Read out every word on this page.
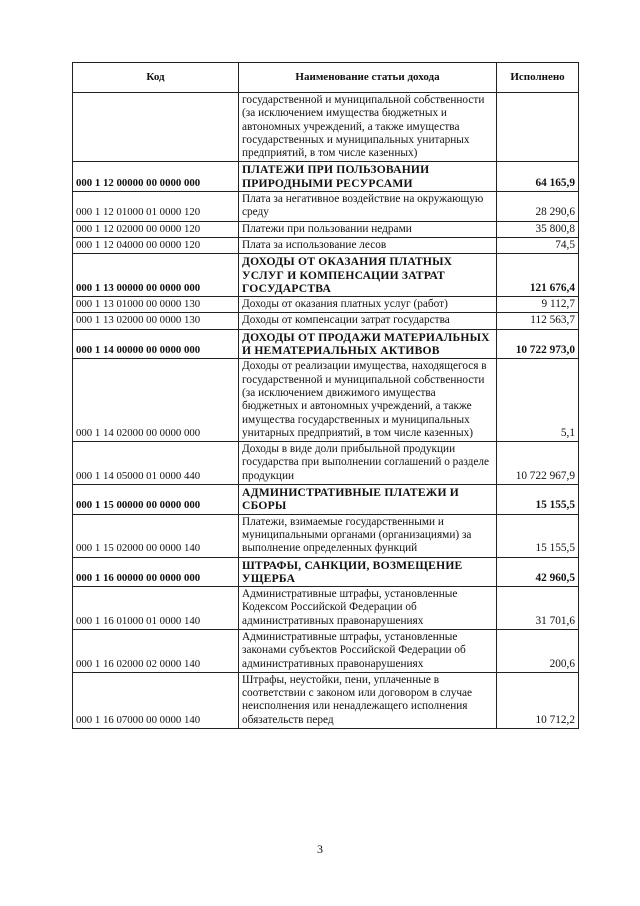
Код	Наименование статьи дохода	Исполнено
	государственной и муниципальной собственности (за исключением имущества бюджетных и автономных учреждений, а также имущества государственных и муниципальных унитарных предприятий, в том числе казенных)	
000 1 12 00000 00 0000 000	ПЛАТЕЖИ ПРИ ПОЛЬЗОВАНИИ ПРИРОДНЫМИ РЕСУРСАМИ	64 165,9
000 1 12 01000 01 0000 120	Плата за негативное воздействие на окружающую среду	28 290,6
000 1 12 02000 00 0000 120	Платежи при пользовании недрами	35 800,8
000 1 12 04000 00 0000 120	Плата за использование лесов	74,5
000 1 13 00000 00 0000 000	ДОХОДЫ ОТ ОКАЗАНИЯ ПЛАТНЫХ УСЛУГ И КОМПЕНСАЦИИ ЗАТРАТ ГОСУДАРСТВА	121 676,4
000 1 13 01000 00 0000 130	Доходы от оказания платных услуг (работ)	9 112,7
000 1 13 02000 00 0000 130	Доходы от компенсации затрат государства	112 563,7
000 1 14 00000 00 0000 000	ДОХОДЫ ОТ ПРОДАЖИ МАТЕРИАЛЬНЫХ И НЕМАТЕРИАЛЬНЫХ АКТИВОВ	10 722 973,0
000 1 14 02000 00 0000 000	Доходы от реализации имущества, находящегося в государственной и муниципальной собственности (за исключением движимого имущества бюджетных и автономных учреждений, а также имущества государственных и муниципальных унитарных предприятий, в том числе казенных)	5,1
000 1 14 05000 01 0000 440	Доходы в виде доли прибыльной продукции государства при выполнении соглашений о разделе продукции	10 722 967,9
000 1 15 00000 00 0000 000	АДМИНИСТРАТИВНЫЕ ПЛАТЕЖИ И СБОРЫ	15 155,5
000 1 15 02000 00 0000 140	Платежи, взимаемые государственными и муниципальными органами (организациями) за выполнение определенных функций	15 155,5
000 1 16 00000 00 0000 000	ШТРАФЫ, САНКЦИИ, ВОЗМЕЩЕНИЕ УЩЕРБА	42 960,5
000 1 16 01000 01 0000 140	Административные штрафы, установленные Кодексом Российской Федерации об административных правонарушениях	31 701,6
000 1 16 02000 02 0000 140	Административные штрафы, установленные законами субъектов Российской Федерации об административных правонарушениях	200,6
000 1 16 07000 00 0000 140	Штрафы, неустойки, пени, уплаченные в соответствии с законом или договором в случае неисполнения или ненадлежащего исполнения обязательств перед	10 712,2
3
